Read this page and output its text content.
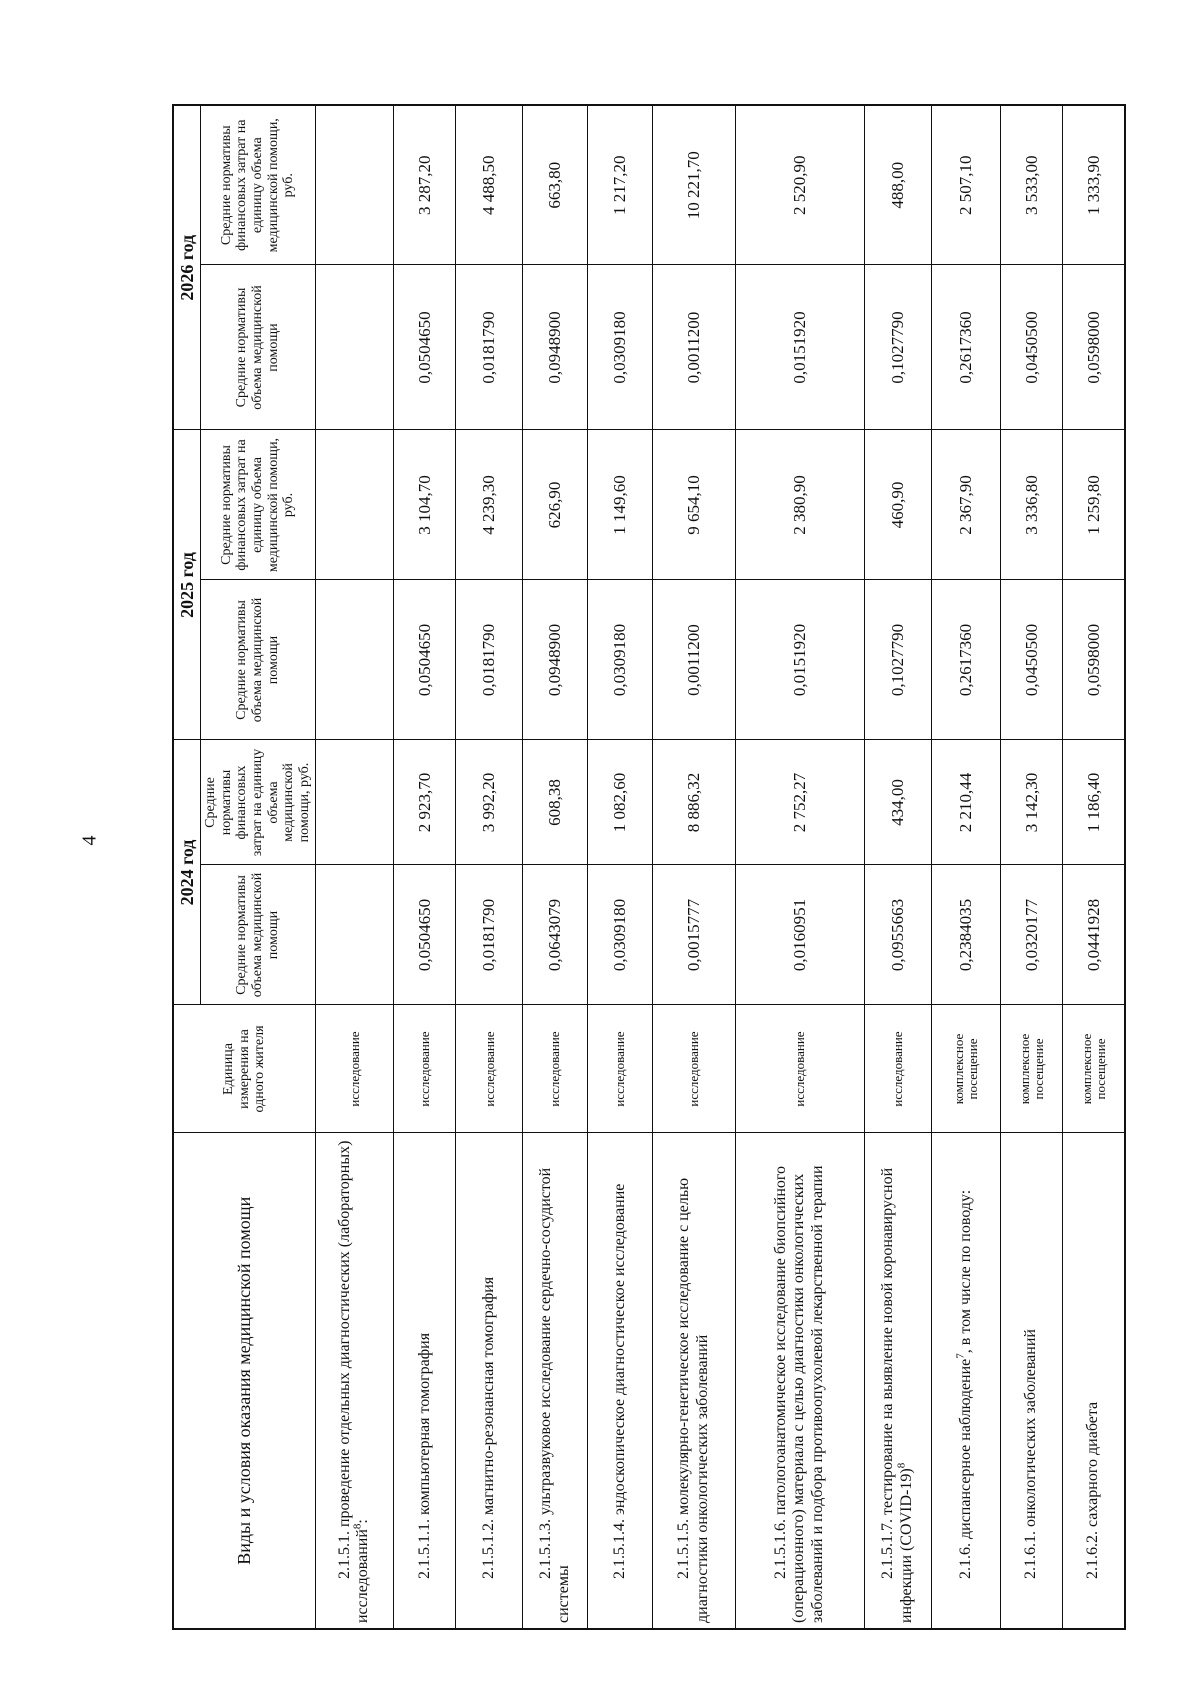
4
Виды и условия оказания медицинской помощи	Единица измерения на одного жителя	2024 год		2025 год		2026 год	
		Средние нормативы объема медицинской помощи	Средние нормативы финансовых затрат на единицу объема медицинской помощи, руб.	Средние нормативы объема медицинской помощи	Средние нормативы финансовых затрат на единицу объема медицинской помощи, руб.	Средние нормативы объема медицинской помощи	Средние нормативы финансовых затрат на единицу объема медицинской помощи, руб.
2.1.5.1. проведение отдельных диагностических (лабораторных) исследований$^8$:	исследование						
2.1.5.1.1. компьютерная томография	исследование	0,0504650	2 923,70	0,0504650	3 104,70	0,0504650	3 287,20
2.1.5.1.2. магнитно-резонансная томография	исследование	0,0181790	3 992,20	0,0181790	4 239,30	0,0181790	4 488,50
2.1.5.1.3. ультразвуковое исследование сердечно-сосудистой системы	исследование	0,0643079	608,38	0,0948900	626,90	0,0948900	663,80
2.1.5.1.4. эндоскопическое диагностическое исследование	исследование	0,0309180	1 082,60	0,0309180	1 149,60	0,0309180	1 217,20
2.1.5.1.5. молекулярно-генетическое исследование с целью диагностики онкологических заболеваний	исследование	0,0015777	8 886,32	0,0011200	9 654,10	0,0011200	10 221,70
2.1.5.1.6. патологоанатомическое исследование биопсийного (операционного) материала с целью диагностики онкологических заболеваний и подбора противоопухолевой лекарственной терапии	исследование	0,0160951	2 752,27	0,0151920	2 380,90	0,0151920	2 520,90
2.1.5.1.7. тестирование на выявление новой коронавирусной инфекции (COVID-19)$^8$	исследование	0,0955663	434,00	0,1027790	460,90	0,1027790	488,00
2.1.6. диспансерное наблюдение$^7$, в том числе по поводу:	комплексное посещение	0,2384035	2 210,44	0,2617360	2 367,90	0,2617360	2 507,10
2.1.6.1. онкологических заболеваний	комплексное посещение	0,0320177	3 142,30	0,0450500	3 336,80	0,0450500	3 533,00
2.1.6.2. сахарного диабета	комплексное посещение	0,0441928	1 186,40	0,0598000	1 259,80	0,0598000	1 333,90
